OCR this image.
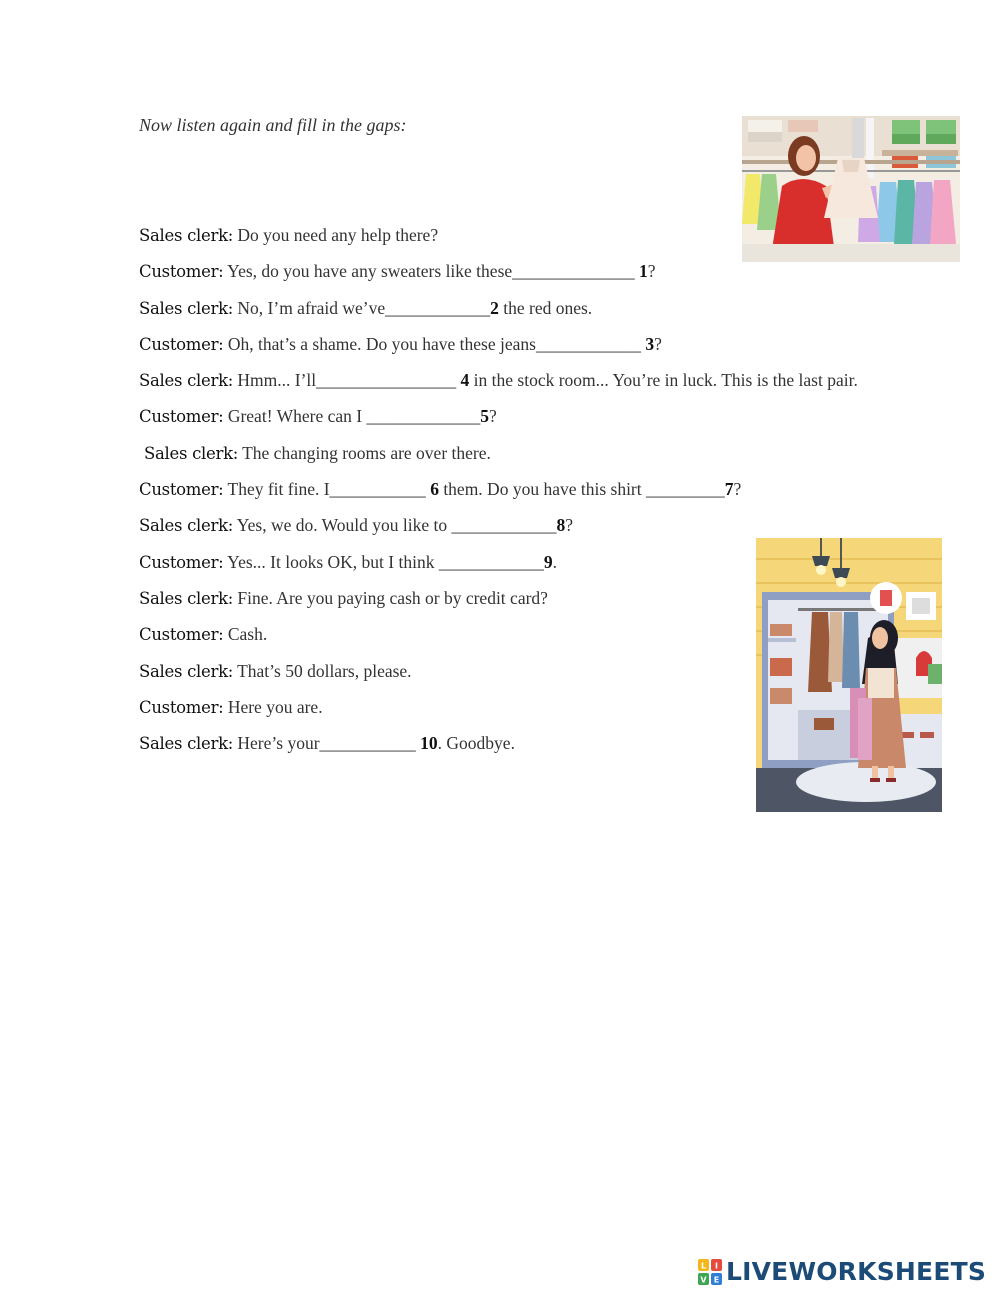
Now listen again and fill in the gaps:

Sales clerk: Do you need any help there?

Customer: Yes, do you have any sweaters like these______________ 1?

Sales clerk: No, I’m afraid we’ve____________2 the red ones.

Customer: Oh, that’s a shame. Do you have these jeans____________ 3?

Sales clerk: Hmm... I’ll________________ 4 in the stock room... You’re in luck. This is the last pair.

Customer: Great! Where can I _____________5?

Sales clerk: The changing rooms are over there.

Customer: They fit fine. I___________ 6 them. Do you have this shirt _________7?

Sales clerk: Yes, we do. Would you like to ____________8?

Customer: Yes... It looks OK, but I think ____________9.

Sales clerk: Fine. Are you paying cash or by credit card?

Customer: Cash.

Sales clerk: That’s 50 dollars, please.

Customer: Here you are.

Sales clerk: Here’s your___________ 10. Goodbye.

L I
V E LIVEWORKSHEETS
